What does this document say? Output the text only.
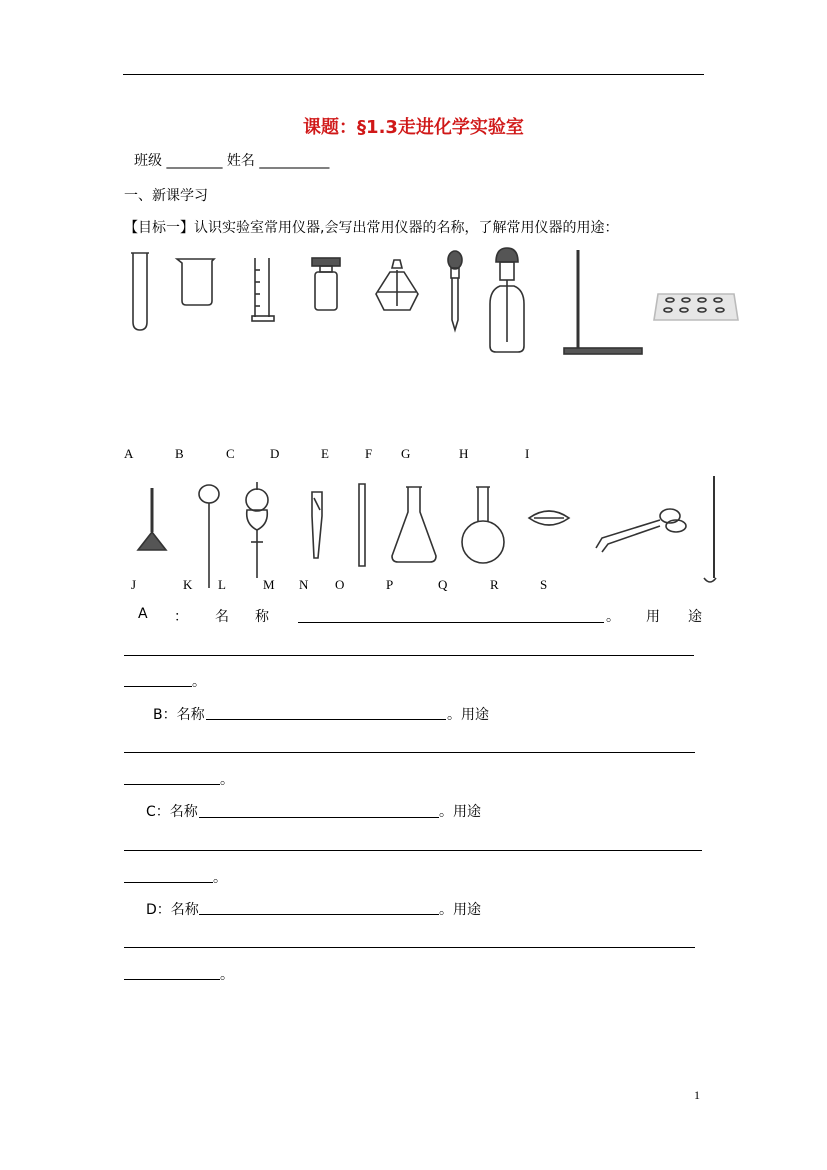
课题：§1.3走进化学实验室
班级 ________ 姓名 __________
一、新课学习
【目标一】认识实验室常用仪器,会写出常用仪器的名称，了解常用仪器的用途：
A	B	C	D	E	F G	H	I
J	K L	M N O	P	Q	R	S
A ： 名 称	。 用 途
。
B：名称	。用途
。
C：名称	。用途
。
D：名称	。用途
。
1
